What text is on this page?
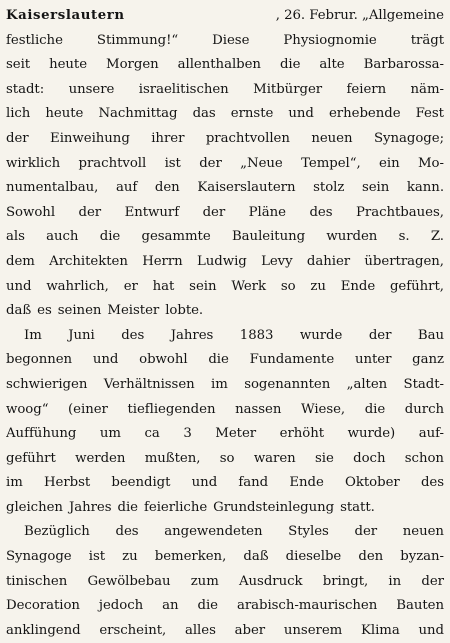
Kaiserslautern	, 26. Februr. „Allgemeine
festliche	Stimmung!“	Diese	Physiognomie	trägt
seit heute Morgen allenthalben die alte Barbarossa-
stadt: unsere israelitischen Mitbürger feiern näm-
lich heute Nachmittag das ernste und erhebende Fest
der Einweihung ihrer prachtvollen neuen Synagoge;
wirklich prachtvoll ist der „Neue Tempel“, ein Mo-
numentalbau, auf den Kaiserslautern stolz sein kann.
Sowohl der Entwurf der Pläne des Prachtbaues,
als auch die gesammte Bauleitung wurden s. Z.
dem Architekten Herrn Ludwig Levy dahier übertragen,
und wahrlich, er hat sein Werk so zu Ende geführt,
daß es seinen Meister lobte.
Im Juni des Jahres 1883 wurde der Bau
begonnen und obwohl die Fundamente unter ganz
schwierigen Verhältnissen im sogenannten „alten Stadt-
woog“ (einer tiefliegenden nassen Wiese, die durch
Auffühung um ca 3 Meter erhöht wurde) auf-
geführt werden mußten, so waren sie doch schon
im Herbst beendigt und fand Ende Oktober des
gleichen Jahres die feierliche Grundsteinlegung statt.
Bezüglich des angewendeten Styles der neuen
Synagoge ist zu bemerken, daß dieselbe den byzan-
tinischen Gewölbebau zum Ausdruck bringt, in der
Decoration jedoch an die arabisch-maurischen Bauten
anklingend erscheint, alles aber unserem Klima und
